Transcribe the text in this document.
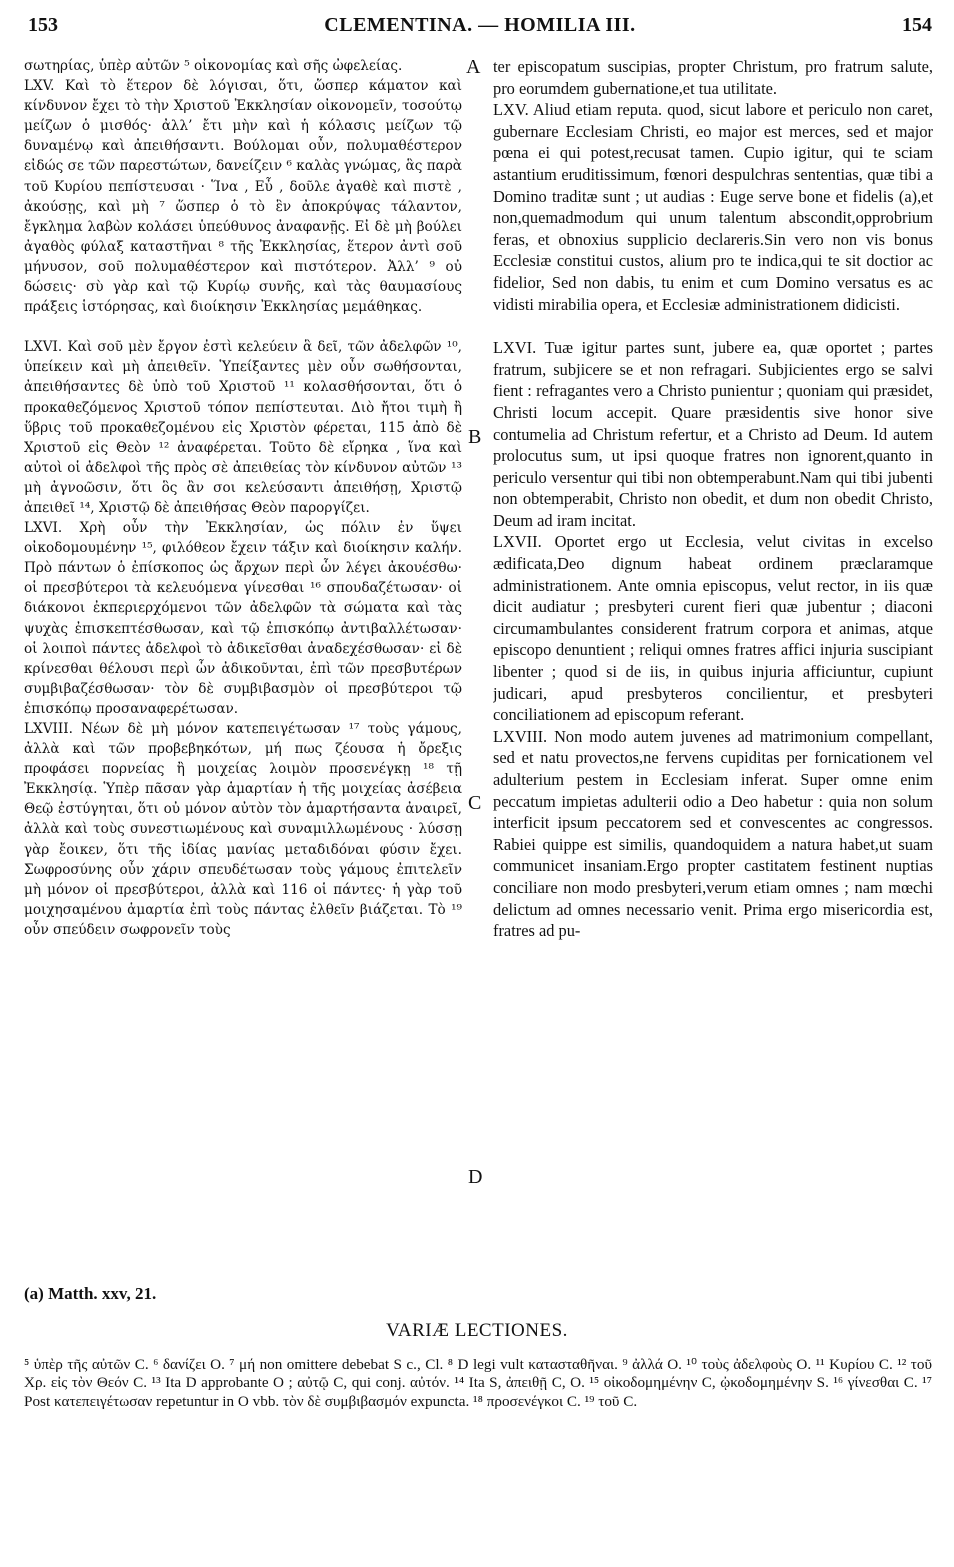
153	CLEMENTINA. — HOMILIA III.	154

σωτηρίας, ὑπὲρ αὐτῶν ⁵ οἰκονομίας καὶ σῆς ὠφελείας.

LXV. Καὶ τὸ ἕτερον δὲ λόγισαι, ὅτι, ὥσπερ κάματον καὶ κίνδυνον ἔχει τὸ τὴν Χριστοῦ Ἐκκλησίαν οἰκονομεῖν, τοσούτῳ μείζων ὁ μισθός· ἀλλ’ ἔτι μὴν καὶ ἡ κόλασις μείζων τῷ δυναμένῳ καὶ ἀπειθήσαντι. Βούλομαι οὖν, πολυμαθέστερον εἰδώς σε τῶν παρεστώτων, δανείζειν ⁶ καλὰς γνώμας, ἃς παρὰ τοῦ Κυρίου πεπίστευσαι · Ἵνα , Εὖ , δοῦλε ἀγαθὲ καὶ πιστὲ , ἀκούσῃς, καὶ μὴ ⁷ ὥσπερ ὁ τὸ ἓν ἀποκρύψας τάλαντον, ἔγκλημα λαβὼν κολάσει ὑπεύθυνος ἀναφανῇς. Εἰ δὲ μὴ βούλει ἀγαθὸς φύλαξ καταστῆναι ⁸ τῆς Ἐκκλησίας, ἕτερον ἀντὶ σοῦ μήνυσον, σοῦ πολυμαθέστερον καὶ πιστότερον. Ἀλλ’ ⁹ οὐ δώσεις· σὺ γὰρ καὶ τῷ Κυρίῳ συνῆς, καὶ τὰς θαυμασίους πράξεις ἱστόρησας, καὶ διοίκησιν Ἐκκλησίας μεμάθηκας.

LXVI. Καὶ σοῦ μὲν ἔργον ἐστὶ κελεύειν ἃ δεῖ, τῶν ἀδελφῶν ¹⁰, ὑπείκειν καὶ μὴ ἀπειθεῖν. Ὑπείξαντες μὲν οὖν σωθήσονται, ἀπειθήσαντες δὲ ὑπὸ τοῦ Χριστοῦ ¹¹ κολασθήσονται, ὅτι ὁ προκαθεζόμενος Χριστοῦ τόπον πεπίστευται. Διὸ ἤτοι τιμὴ ἢ ὕβρις τοῦ προκαθεζομένου εἰς Χριστὸν φέρεται, 115 ἀπὸ δὲ Χριστοῦ εἰς Θεὸν ¹² ἀναφέρεται. Τοῦτο δὲ εἴρηκα , ἵνα καὶ αὐτοὶ οἱ ἀδελφοὶ τῆς πρὸς σὲ ἀπειθείας τὸν κίνδυνον αὐτῶν ¹³ μὴ ἀγνοῶσιν, ὅτι ὃς ἂν σοι κελεύσαντι ἀπειθήσῃ, Χριστῷ ἀπειθεῖ ¹⁴, Χριστῷ δὲ ἀπειθήσας Θεὸν παροργίζει.

LXVI. Χρὴ οὖν τὴν Ἐκκλησίαν, ὡς πόλιν ἐν ὕψει οἰκοδομουμένην ¹⁵, φιλόθεον ἔχειν τάξιν καὶ διοίκησιν καλήν. Πρὸ πάντων ὁ ἐπίσκοπος ὡς ἄρχων περὶ ὧν λέγει ἀκουέσθω· οἱ πρεσβύτεροι τὰ κελευόμενα γίνεσθαι ¹⁶ σπουδαζέτωσαν· οἱ διάκονοι ἐκπεριερχόμενοι τῶν ἀδελφῶν τὰ σώματα καὶ τὰς ψυχὰς ἐπισκεπτέσθωσαν, καὶ τῷ ἐπισκόπῳ ἀντιβαλλέτωσαν· οἱ λοιποὶ πάντες ἀδελφοὶ τὸ ἀδικεῖσθαι ἀναδεχέσθωσαν· εἰ δὲ κρίνεσθαι θέλουσι περὶ ὧν ἀδικοῦνται, ἐπὶ τῶν πρεσβυτέρων συμβιβαζέσθωσαν· τὸν δὲ συμβιβασμὸν οἱ πρεσβύτεροι τῷ ἐπισκόπῳ προσαναφερέτωσαν.

LXVIII. Νέων δὲ μὴ μόνον κατεπειγέτωσαν ¹⁷ τοὺς γάμους, ἀλλὰ καὶ τῶν προβεβηκότων, μή πως ζέουσα ἡ ὄρεξις προφάσει πορνείας ἢ μοιχείας λοιμὸν προσενέγκῃ ¹⁸ τῇ Ἐκκλησίᾳ. Ὑπὲρ πᾶσαν γὰρ ἁμαρτίαν ἡ τῆς μοιχείας ἀσέβεια Θεῷ ἐστύγηται, ὅτι οὐ μόνον αὐτὸν τὸν ἁμαρτήσαντα ἀναιρεῖ, ἀλλὰ καὶ τοὺς συνεστιωμένους καὶ συναμιλλωμένους · λύσσῃ γὰρ ἔοικεν, ὅτι τῆς ἰδίας μανίας μεταδιδόναι φύσιν ἔχει. Σωφροσύνης οὖν χάριν σπευδέτωσαν τοὺς γάμους ἐπιτελεῖν μὴ μόνον οἱ πρεσβύτεροι, ἀλλὰ καὶ 116 οἱ πάντες· ἡ γὰρ τοῦ μοιχησαμένου ἁμαρτία ἐπὶ τοὺς πάντας ἐλθεῖν βιάζεται. Τὸ ¹⁹ οὖν σπεύδειν σωφρονεῖν τοὺς

A
B
C
D

ter episcopatum suscipias, propter Christum, pro fratrum salute, pro eorumdem gubernatione,et tua utilitate.

LXV. Aliud etiam reputa. quod, sicut labore et periculo non caret, gubernare Ecclesiam Christi, eo major est merces, sed et major pœna ei qui potest,recusat tamen. Cupio igitur, qui te sciam astantium eruditissimum, fœnori despulchras sententias, quæ tibi a Domino traditæ sunt ; ut audias : Euge serve bone et fidelis (a),et non,quemadmodum qui unum talentum abscondit,opprobrium feras, et obnoxius supplicio declareris.Sin vero non vis bonus Ecclesiæ constitui custos, alium pro te indica,qui te sit doctior ac fidelior, Sed non dabis, tu enim et cum Domino versatus es ac vidisti mirabilia opera, et Ecclesiæ administrationem didicisti.

LXVI. Tuæ igitur partes sunt, jubere ea, quæ oportet ; partes fratrum, subjicere se et non refragari. Subjicientes ergo se salvi fient : refragantes vero a Christo punientur ; quoniam qui præsidet, Christi locum accepit. Quare præsidentis sive honor sive contumelia ad Christum refertur, et a Christo ad Deum. Id autem prolocutus sum, ut ipsi quoque fratres non ignorent,quanto in periculo versentur qui tibi non obtemperabunt.Nam qui tibi jubenti non obtemperabit, Christo non obedit, et dum non obedit Christo, Deum ad iram incitat.

LXVII. Oportet ergo ut Ecclesia, velut civitas in excelso ædificata,Deo dignum habeat ordinem præclaramque administrationem. Ante omnia episcopus, velut rector, in iis quæ dicit audiatur ; presbyteri curent fieri quæ jubentur ; diaconi circumambulantes considerent fratrum corpora et animas, atque episcopo denuntient ; reliqui omnes fratres affici injuria suscipiant libenter ; quod si de iis, in quibus injuria afficiuntur, cupiunt judicari, apud presbyteros concilientur, et presbyteri conciliationem ad episcopum referant.

LXVIII. Non modo autem juvenes ad matrimonium compellant, sed et natu provectos,ne fervens cupiditas per fornicationem vel adulterium pestem in Ecclesiam inferat. Super omne enim peccatum impietas adulterii odio a Deo habetur : quia non solum interficit ipsum peccatorem sed et convescentes ac congressos. Rabiei quippe est similis, quandoquidem a natura habet,ut suam communicet insaniam.Ergo propter castitatem festinent nuptias conciliare non modo presbyteri,verum etiam omnes ; nam mœchi delictum ad omnes necessario venit. Prima ergo misericordia est, fratres ad pu-

(a) Matth. xxv, 21.
VARIÆ LECTIONES.

⁵ ὑπὲρ τῆς αὐτῶν C. ⁶ δανίζει O. ⁷ μή non omittere debebat S c., Cl. ⁸ D legi vult κατασταθῆναι. ⁹ ἀλλά O. ¹⁰ τοὺς ἀδελφοὺς O. ¹¹ Κυρίου C. ¹² τοῦ Χρ. εἰς τὸν Θεόν C. ¹³ Ita D approbante O ; αὐτῷ C, qui conj. αὐτόν. ¹⁴ Ita S, ἀπειθῇ C, O. ¹⁵ οἰκοδομημένην C, ᾠκοδομημένην S. ¹⁶ γίνεσθαι C. ¹⁷ Post κατεπειγέτωσαν repetuntur in O vbb. τὸν δὲ συμβιβασμόν expuncta. ¹⁸ προσενέγκοι C. ¹⁹ τοῦ C.
